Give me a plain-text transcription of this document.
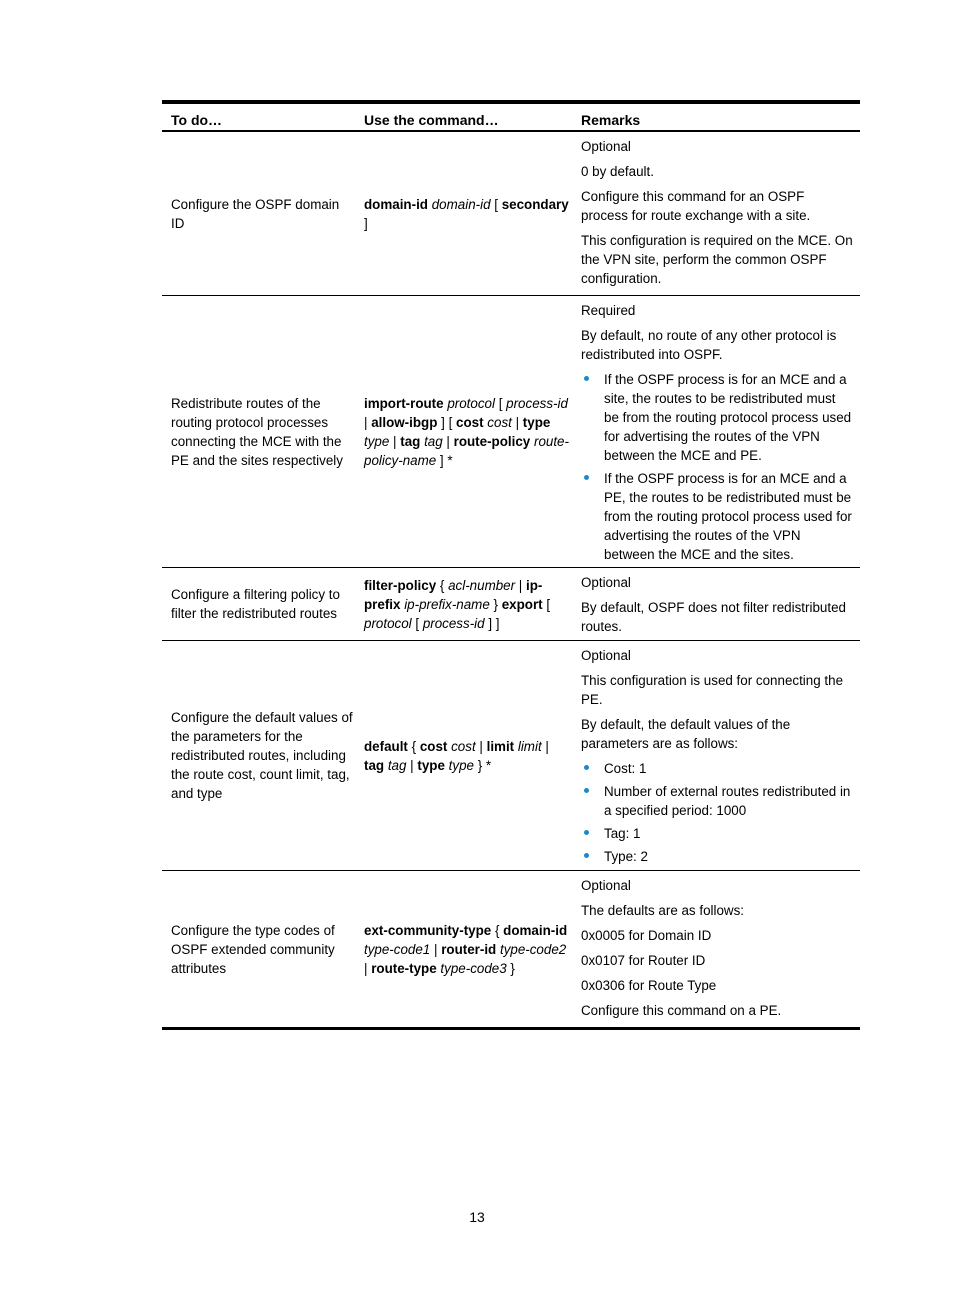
To do…	Use the command…	Remarks
Configure the OSPF domain ID
domain-id domain-id [ secondary ]
Optional
0 by default.
Configure this command for an OSPF process for route exchange with a site.
This configuration is required on the MCE. On the VPN site, perform the common OSPF configuration.
Redistribute routes of the routing protocol processes connecting the MCE with the PE and the sites respectively
import-route protocol [ process-id | allow-ibgp ] [ cost cost | type type | tag tag | route-policy route-policy-name ] *
Required
By default, no route of any other protocol is redistributed into OSPF.
If the OSPF process is for an MCE and a site, the routes to be redistributed must be from the routing protocol process used for advertising the routes of the VPN between the MCE and PE.
If the OSPF process is for an MCE and a PE, the routes to be redistributed must be from the routing protocol process used for advertising the routes of the VPN between the MCE and the sites.
Configure a filtering policy to filter the redistributed routes
filter-policy { acl-number | ip-prefix ip-prefix-name } export [ protocol [ process-id ] ]
Optional
By default, OSPF does not filter redistributed routes.
Configure the default values of the parameters for the redistributed routes, including the route cost, count limit, tag, and type
default { cost cost | limit limit | tag tag | type type } *
Optional
This configuration is used for connecting the PE.
By default, the default values of the parameters are as follows:
Cost: 1
Number of external routes redistributed in a specified period: 1000
Tag: 1
Type: 2
Configure the type codes of OSPF extended community attributes
ext-community-type { domain-id type-code1 | router-id type-code2 | route-type type-code3 }
Optional
The defaults are as follows:
0x0005 for Domain ID
0x0107 for Router ID
0x0306 for Route Type
Configure this command on a PE.
13
